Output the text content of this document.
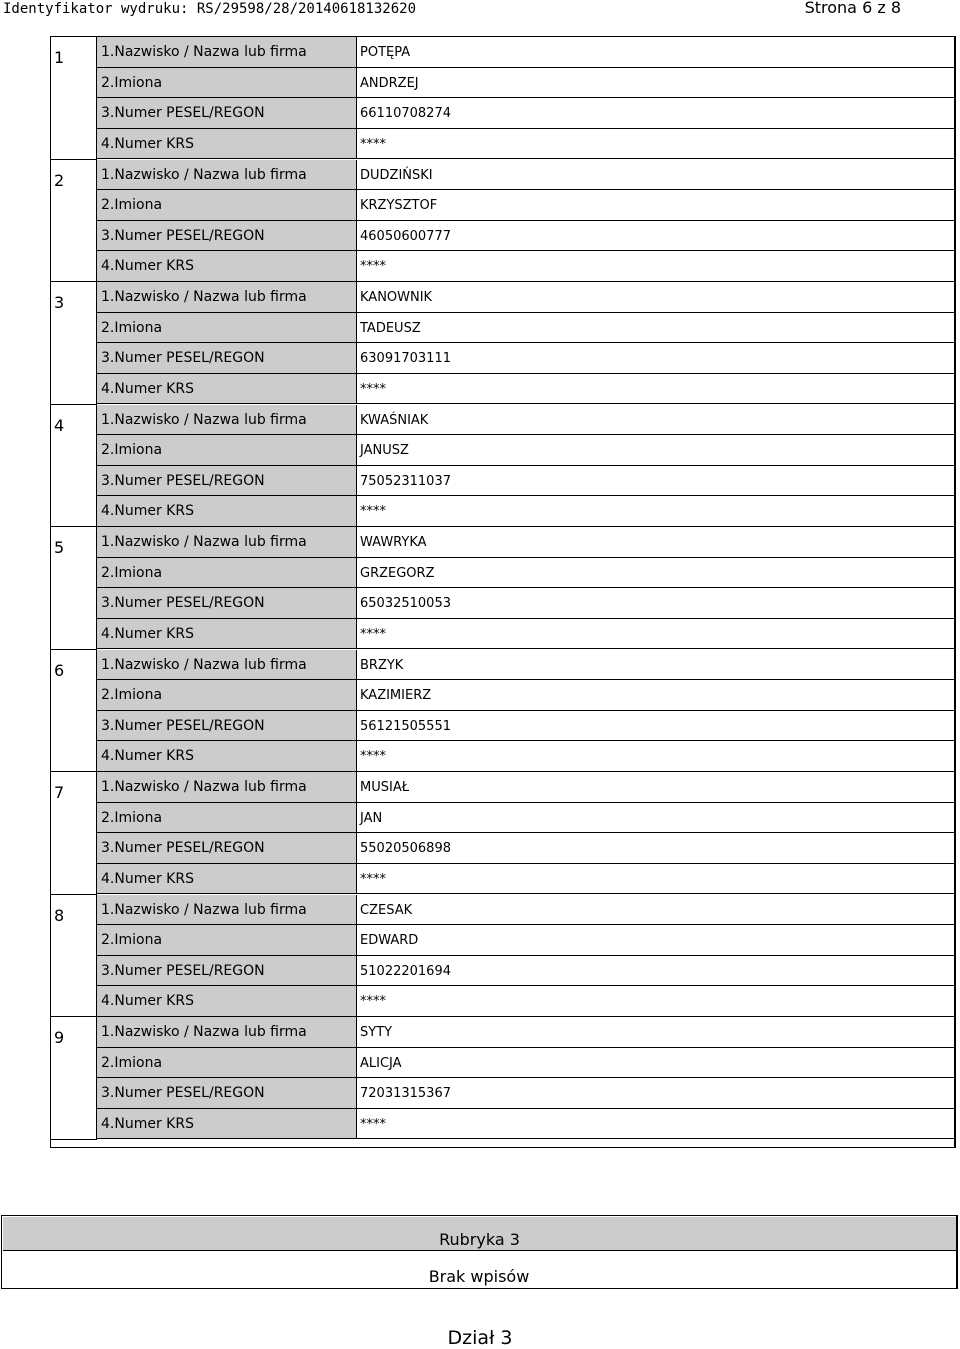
Identyfikator wydruku: RS/29598/28/20140618132620	Strona 6 z 8
1	1.Nazwisko / Nazwa lub firma	POTĘPA
2.Imiona	ANDRZEJ
3.Numer PESEL/REGON	66110708274
4.Numer KRS	****
2	1.Nazwisko / Nazwa lub firma	DUDZIŃSKI
2.Imiona	KRZYSZTOF
3.Numer PESEL/REGON	46050600777
4.Numer KRS	****
3	1.Nazwisko / Nazwa lub firma	KANOWNIK
2.Imiona	TADEUSZ
3.Numer PESEL/REGON	63091703111
4.Numer KRS	****
4	1.Nazwisko / Nazwa lub firma	KWAŚNIAK
2.Imiona	JANUSZ
3.Numer PESEL/REGON	75052311037
4.Numer KRS	****
5	1.Nazwisko / Nazwa lub firma	WAWRYKA
2.Imiona	GRZEGORZ
3.Numer PESEL/REGON	65032510053
4.Numer KRS	****
6	1.Nazwisko / Nazwa lub firma	BRZYK
2.Imiona	KAZIMIERZ
3.Numer PESEL/REGON	56121505551
4.Numer KRS	****
7	1.Nazwisko / Nazwa lub firma	MUSIAŁ
2.Imiona	JAN
3.Numer PESEL/REGON	55020506898
4.Numer KRS	****
8	1.Nazwisko / Nazwa lub firma	CZESAK
2.Imiona	EDWARD
3.Numer PESEL/REGON	51022201694
4.Numer KRS	****
9	1.Nazwisko / Nazwa lub firma	SYTY
2.Imiona	ALICJA
3.Numer PESEL/REGON	72031315367
4.Numer KRS	****
Rubryka 3
Brak wpisów
Dział 3
